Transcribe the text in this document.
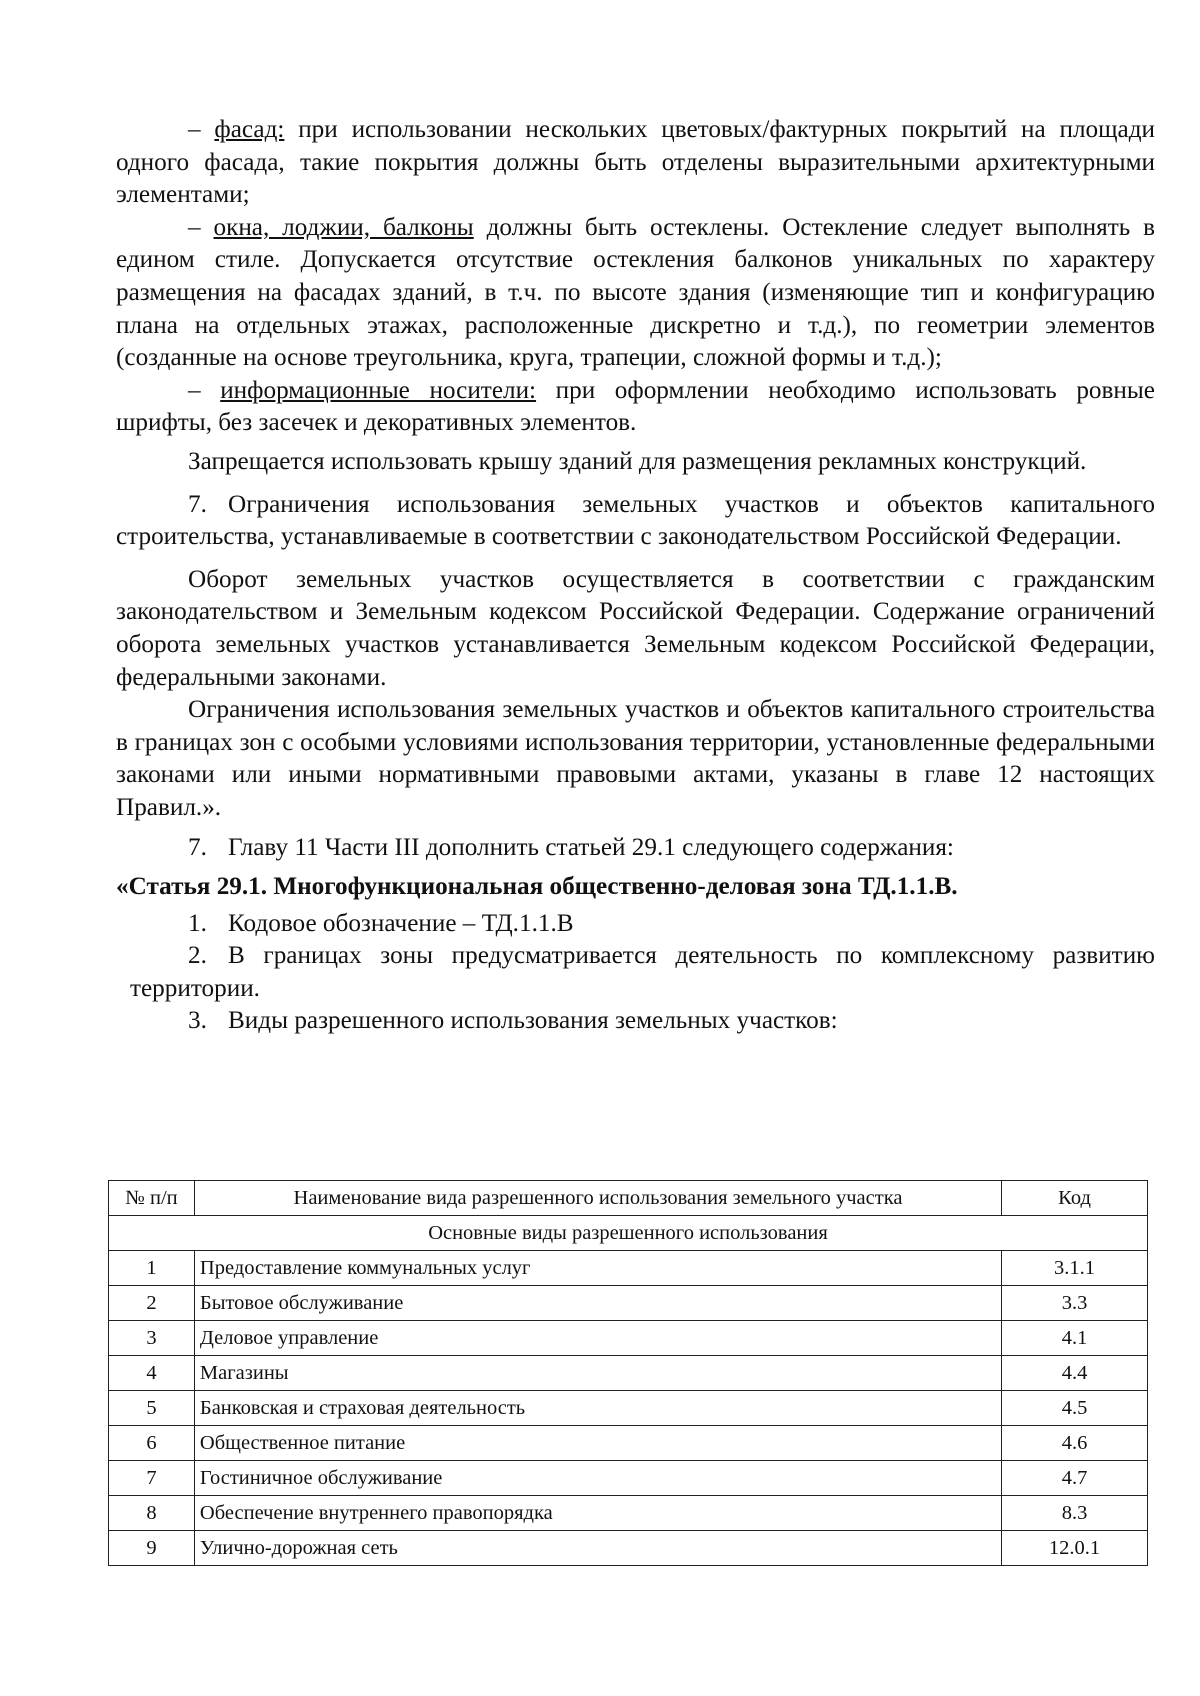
– фасад: при использовании нескольких цветовых/фактурных покрытий на площади одного фасада, такие покрытия должны быть отделены выразительными архитектурными элементами;

– окна, лоджии, балконы должны быть остеклены. Остекление следует выполнять в едином стиле. Допускается отсутствие остекления балконов уникальных по характеру размещения на фасадах зданий, в т.ч. по высоте здания (изменяющие тип и конфигурацию плана на отдельных этажах, расположенные дискретно и т.д.), по геометрии элементов (созданные на основе треугольника, круга, трапеции, сложной формы и т.д.);

– информационные носители: при оформлении необходимо использовать ровные шрифты, без засечек и декоративных элементов.

Запрещается использовать крышу зданий для размещения рекламных конструкций.

7. Ограничения использования земельных участков и объектов капитального строительства, устанавливаемые в соответствии с законодательством Российской Федерации.

Оборот земельных участков осуществляется в соответствии с гражданским законодательством и Земельным кодексом Российской Федерации. Содержание ограничений оборота земельных участков устанавливается Земельным кодексом Российской Федерации, федеральными законами.

Ограничения использования земельных участков и объектов капитального строительства в границах зон с особыми условиями использования территории, установленные федеральными законами или иными нормативными правовыми актами, указаны в главе 12 настоящих Правил.».

7. Главу 11 Части III дополнить статьей 29.1 следующего содержания:

«Статья 29.1. Многофункциональная общественно-деловая зона ТД.1.1.В.

1. Кодовое обозначение – ТД.1.1.В

2. В границах зоны предусматривается деятельность по комплексному развитию территории.

3. Виды разрешенного использования земельных участков:

№ п/п	Наименование вида разрешенного использования земельного участка	Код
Основные виды разрешенного использования		
1	Предоставление коммунальных услуг	3.1.1
2	Бытовое обслуживание	3.3
3	Деловое управление	4.1
4	Магазины	4.4
5	Банковская и страховая деятельность	4.5
6	Общественное питание	4.6
7	Гостиничное обслуживание	4.7
8	Обеспечение внутреннего правопорядка	8.3
9	Улично-дорожная сеть	12.0.1
